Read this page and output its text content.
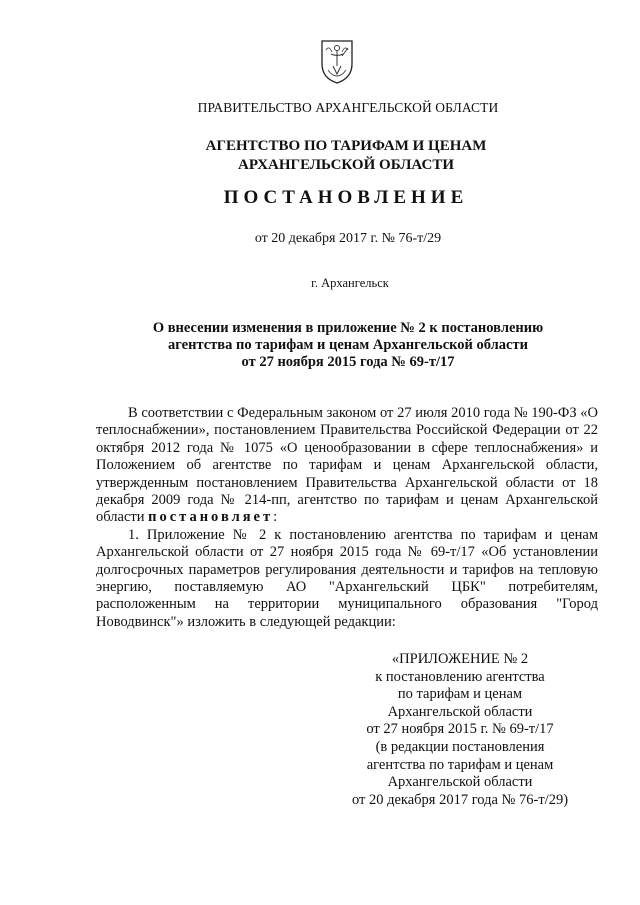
ПРАВИТЕЛЬСТВО АРХАНГЕЛЬСКОЙ ОБЛАСТИ
АГЕНТСТВО ПО ТАРИФАМ И ЦЕНАМ
АРХАНГЕЛЬСКОЙ ОБЛАСТИ
ПОСТАНОВЛЕНИЕ
от 20 декабря 2017 г. № 76-т/29
г. Архангельск
О внесении изменения в приложение № 2 к постановлению
агентства по тарифам и ценам Архангельской области
от 27 ноября 2015 года № 69-т/17

В соответствии с Федеральным законом от 27 июля 2010 года № 190-ФЗ «О теплоснабжении», постановлением Правительства Российской Федерации от 22 октября 2012 года № 1075 «О ценообразовании в сфере теплоснабжения» и Положением об агентстве по тарифам и ценам Архангельской области, утвержденным постановлением Правительства Архангельской области от 18 декабря 2009 года № 214-пп, агентство по тарифам и ценам Архангельской области постановляет:

1. Приложение № 2 к постановлению агентства по тарифам и ценам Архангельской области от 27 ноября 2015 года № 69-т/17 «Об установлении долгосрочных параметров регулирования деятельности и тарифов на тепловую энергию, поставляемую АО "Архангельский ЦБК" потребителям, расположенным на территории муниципального образования "Город Новодвинск"» изложить в следующей редакции:

«ПРИЛОЖЕНИЕ № 2
к постановлению агентства
по тарифам и ценам
Архангельской области
от 27 ноября 2015 г. № 69-т/17
(в редакции постановления
агентства по тарифам и ценам
Архангельской области
от 20 декабря 2017 года № 76-т/29)
